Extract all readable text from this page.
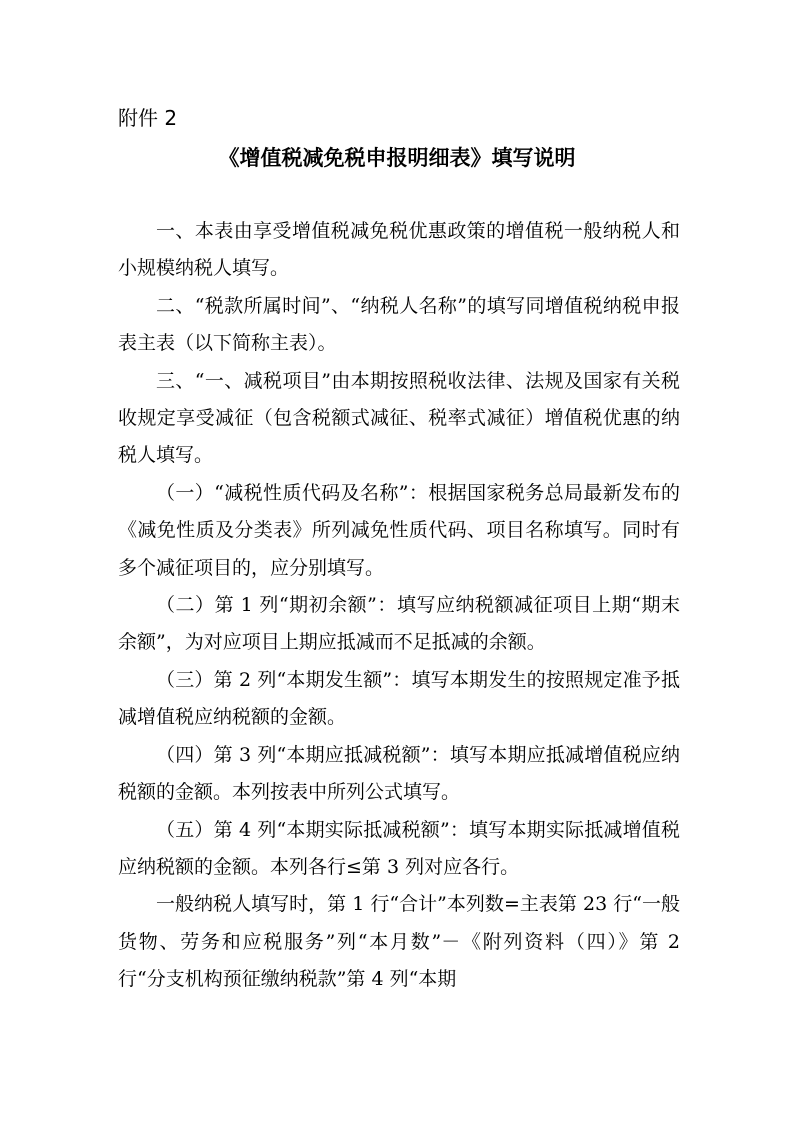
附件 2
《增值税减免税申报明细表》填写说明

一、本表由享受增值税减免税优惠政策的增值税一般纳税人和小规模纳税人填写。

二、“税款所属时间”、“纳税人名称”的填写同增值税纳税申报表主表（以下简称主表）。

三、“一、减税项目”由本期按照税收法律、法规及国家有关税收规定享受减征（包含税额式减征、税率式减征）增值税优惠的纳税人填写。

（一）“减税性质代码及名称”：根据国家税务总局最新发布的《减免性质及分类表》所列减免性质代码、项目名称填写。同时有多个减征项目的，应分别填写。

（二）第 1 列“期初余额”：填写应纳税额减征项目上期“期末余额”，为对应项目上期应抵减而不足抵减的余额。

（三）第 2 列“本期发生额”：填写本期发生的按照规定准予抵减增值税应纳税额的金额。

（四）第 3 列“本期应抵减税额”：填写本期应抵减增值税应纳税额的金额。本列按表中所列公式填写。

（五）第 4 列“本期实际抵减税额”：填写本期实际抵减增值税应纳税额的金额。本列各行≤第 3 列对应各行。

一般纳税人填写时，第 1 行“合计”本列数=主表第 23 行“一般货物、劳务和应税服务”列“本月数”－《附列资料（四）》第 2 行“分支机构预征缴纳税款”第 4 列“本期
